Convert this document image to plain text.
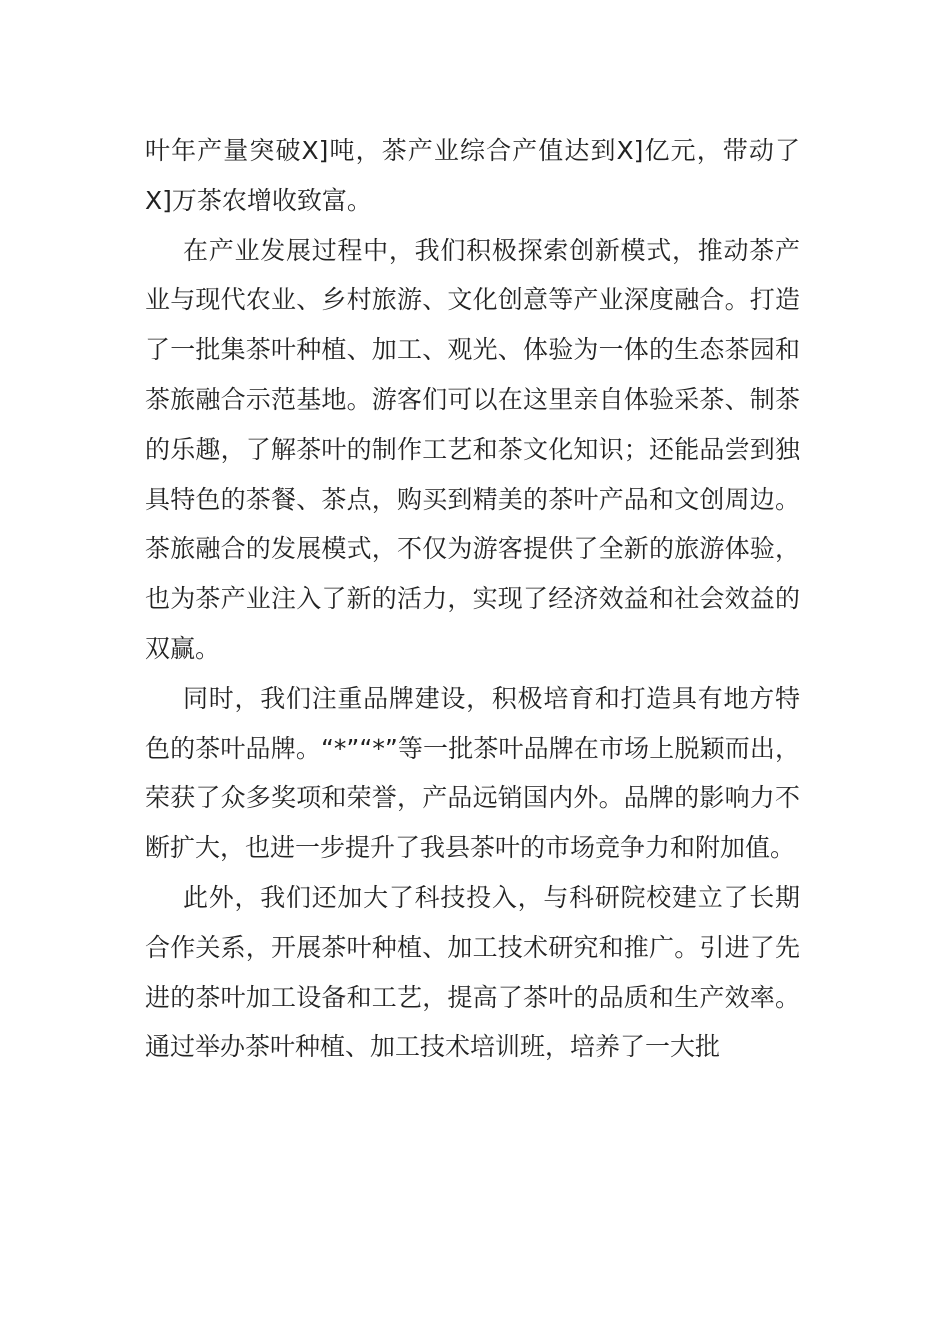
叶年产量突破X]吨，茶产业综合产值达到X]亿元，带动了X]万茶农增收致富。

在产业发展过程中，我们积极探索创新模式，推动茶产业与现代农业、乡村旅游、文化创意等产业深度融合。打造了一批集茶叶种植、加工、观光、体验为一体的生态茶园和茶旅融合示范基地。游客们可以在这里亲自体验采茶、制茶的乐趣，了解茶叶的制作工艺和茶文化知识；还能品尝到独具特色的茶餐、茶点，购买到精美的茶叶产品和文创周边。茶旅融合的发展模式，不仅为游客提供了全新的旅游体验，也为茶产业注入了新的活力，实现了经济效益和社会效益的双赢。

同时，我们注重品牌建设，积极培育和打造具有地方特色的茶叶品牌。“*”“*”等一批茶叶品牌在市场上脱颖而出，荣获了众多奖项和荣誉，产品远销国内外。品牌的影响力不断扩大，也进一步提升了我县茶叶的市场竞争力和附加值。

此外，我们还加大了科技投入，与科研院校建立了长期合作关系，开展茶叶种植、加工技术研究和推广。引进了先进的茶叶加工设备和工艺，提高了茶叶的品质和生产效率。通过举办茶叶种植、加工技术培训班，培养了一大批
